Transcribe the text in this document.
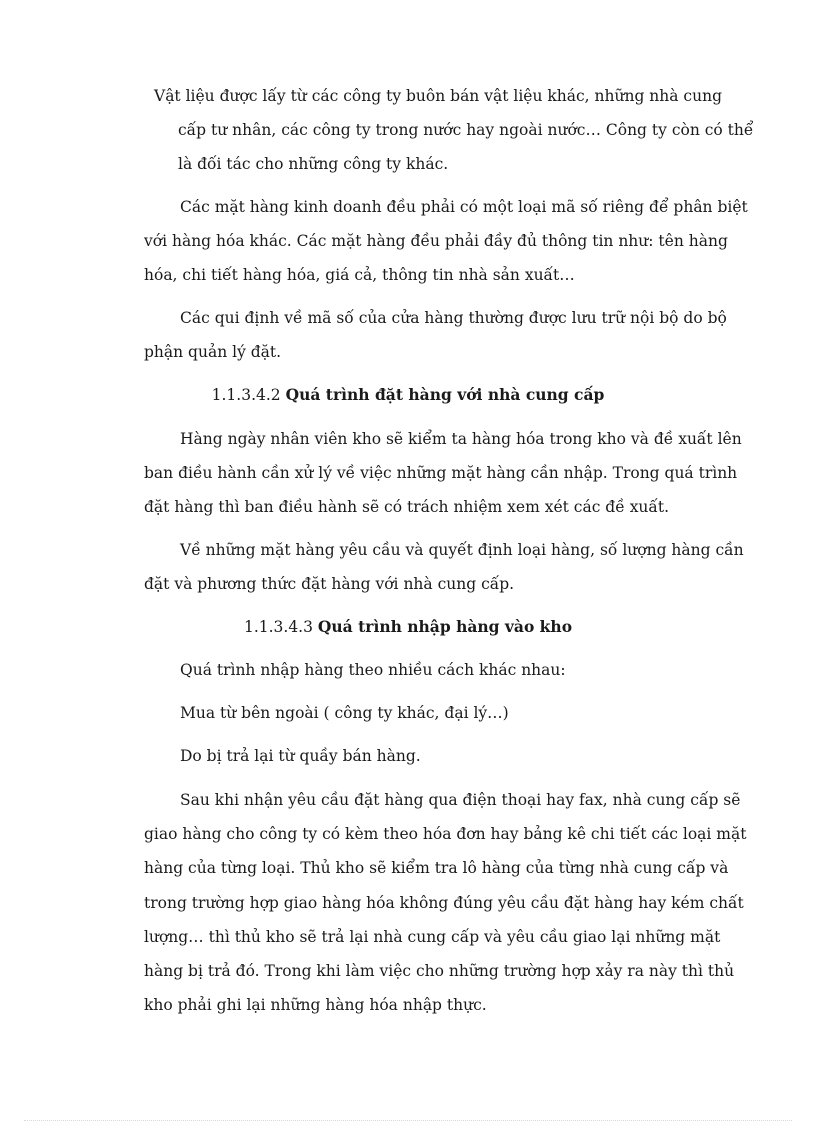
Vật liệu được lấy từ các công ty buôn bán vật liệu khác, những nhà cung
cấp tư nhân, các công ty trong nước hay ngoài nước… Công ty còn có thể
là đối tác cho những công ty khác.
Các mặt hàng kinh doanh đều phải có một loại mã số riêng để phân biệt
với hàng hóa khác. Các mặt hàng đều phải đầy đủ thông tin như: tên hàng
hóa, chi tiết hàng hóa, giá cả, thông tin nhà sản xuất…
Các qui định về mã số của cửa hàng thường được lưu trữ nội bộ do bộ
phận quản lý đặt.
1.1.3.4.2 Quá trình đặt hàng với nhà cung cấp
Hàng ngày nhân viên kho sẽ kiểm ta hàng hóa trong kho và đề xuất lên
ban điều hành cần xử lý về việc những mặt hàng cần nhập. Trong quá trình
đặt hàng thì ban điều hành sẽ có trách nhiệm xem xét các đề xuất.
Về những mặt hàng yêu cầu và quyết định loại hàng, số lượng hàng cần
đặt và phương thức đặt hàng với nhà cung cấp.
1.1.3.4.3 Quá trình nhập hàng vào kho
Quá trình nhập hàng theo nhiều cách khác nhau:
Mua từ bên ngoài ( công ty khác, đại lý…)
Do bị trả lại từ quầy bán hàng.
Sau khi nhận yêu cầu đặt hàng qua điện thoại hay fax, nhà cung cấp sẽ
giao hàng cho công ty có kèm theo hóa đơn hay bảng kê chi tiết các loại mặt
hàng của từng loại. Thủ kho sẽ kiểm tra lô hàng của từng nhà cung cấp và
trong trường hợp giao hàng hóa không đúng yêu cầu đặt hàng hay kém chất
lượng… thì thủ kho sẽ trả lại nhà cung cấp và yêu cầu giao lại những mặt
hàng bị trả đó. Trong khi làm việc cho những trường hợp xảy ra này thì thủ
kho phải ghi lại những hàng hóa nhập thực.
